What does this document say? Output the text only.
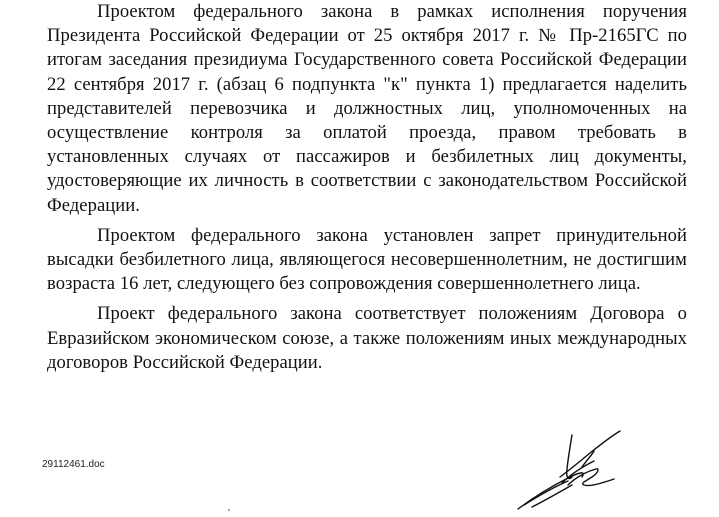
Проектом федерального закона в рамках исполнения поручения Президента Российской Федерации от 25 октября 2017 г. № Пр-2165ГС по итогам заседания президиума Государственного совета Российской Федерации 22 сентября 2017 г. (абзац 6 подпункта "к" пункта 1) предлагается наделить представителей перевозчика и должностных лиц, уполномоченных на осуществление контроля за оплатой проезда, правом требовать в установленных случаях от пассажиров и безбилетных лиц документы, удостоверяющие их личность в соответствии с законодательством Российской Федерации.

Проектом федерального закона установлен запрет принудительной высадки безбилетного лица, являющегося несовершеннолетним, не достигшим возраста 16 лет, следующего без сопровождения совершеннолетнего лица.

Проект федерального закона соответствует положениям Договора о Евразийском экономическом союзе, а также положениям иных международных договоров Российской Федерации.

29112461.doc
